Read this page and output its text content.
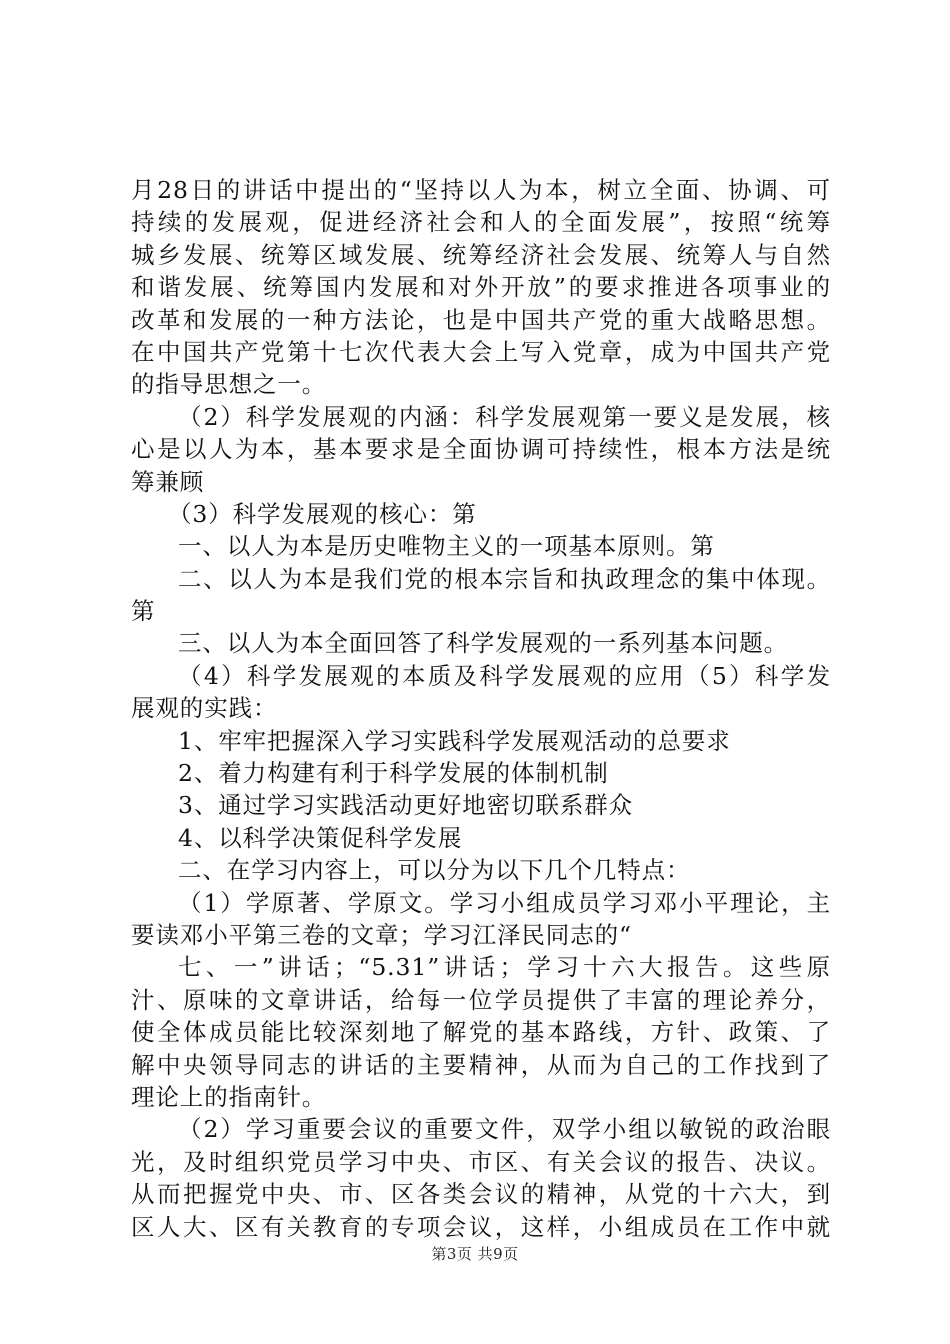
月28日的讲话中提出的“坚持以人为本，树立全面、协调、可
持续的发展观，促进经济社会和人的全面发展”，按照“统筹
城乡发展、统筹区域发展、统筹经济社会发展、统筹人与自然
和谐发展、统筹国内发展和对外开放”的要求推进各项事业的
改革和发展的一种方法论，也是中国共产党的重大战略思想。
在中国共产党第十七次代表大会上写入党章，成为中国共产党
的指导思想之一。
（2）科学发展观的内涵：科学发展观第一要义是发展，核
心是以人为本，基本要求是全面协调可持续性，根本方法是统
筹兼顾
（3）科学发展观的核心：第
一、以人为本是历史唯物主义的一项基本原则。第
二、以人为本是我们党的根本宗旨和执政理念的集中体现。
第
三、以人为本全面回答了科学发展观的一系列基本问题。
（4）科学发展观的本质及科学发展观的应用（5）科学发
展观的实践：
1、牢牢把握深入学习实践科学发展观活动的总要求
2、着力构建有利于科学发展的体制机制
3、通过学习实践活动更好地密切联系群众
4、以科学决策促科学发展
二、在学习内容上，可以分为以下几个几特点：
（1）学原著、学原文。学习小组成员学习邓小平理论，主
要读邓小平第三卷的文章；学习江泽民同志的“
七、一”讲话；“5.31”讲话；学习十六大报告。这些原
汁、原味的文章讲话，给每一位学员提供了丰富的理论养分，
使全体成员能比较深刻地了解党的基本路线，方针、政策、了
解中央领导同志的讲话的主要精神，从而为自己的工作找到了
理论上的指南针。
（2）学习重要会议的重要文件，双学小组以敏锐的政治眼
光，及时组织党员学习中央、市区、有关会议的报告、决议。
从而把握党中央、市、区各类会议的精神，从党的十六大，到
区人大、区有关教育的专项会议，这样，小组成员在工作中就
第3页 共9页
